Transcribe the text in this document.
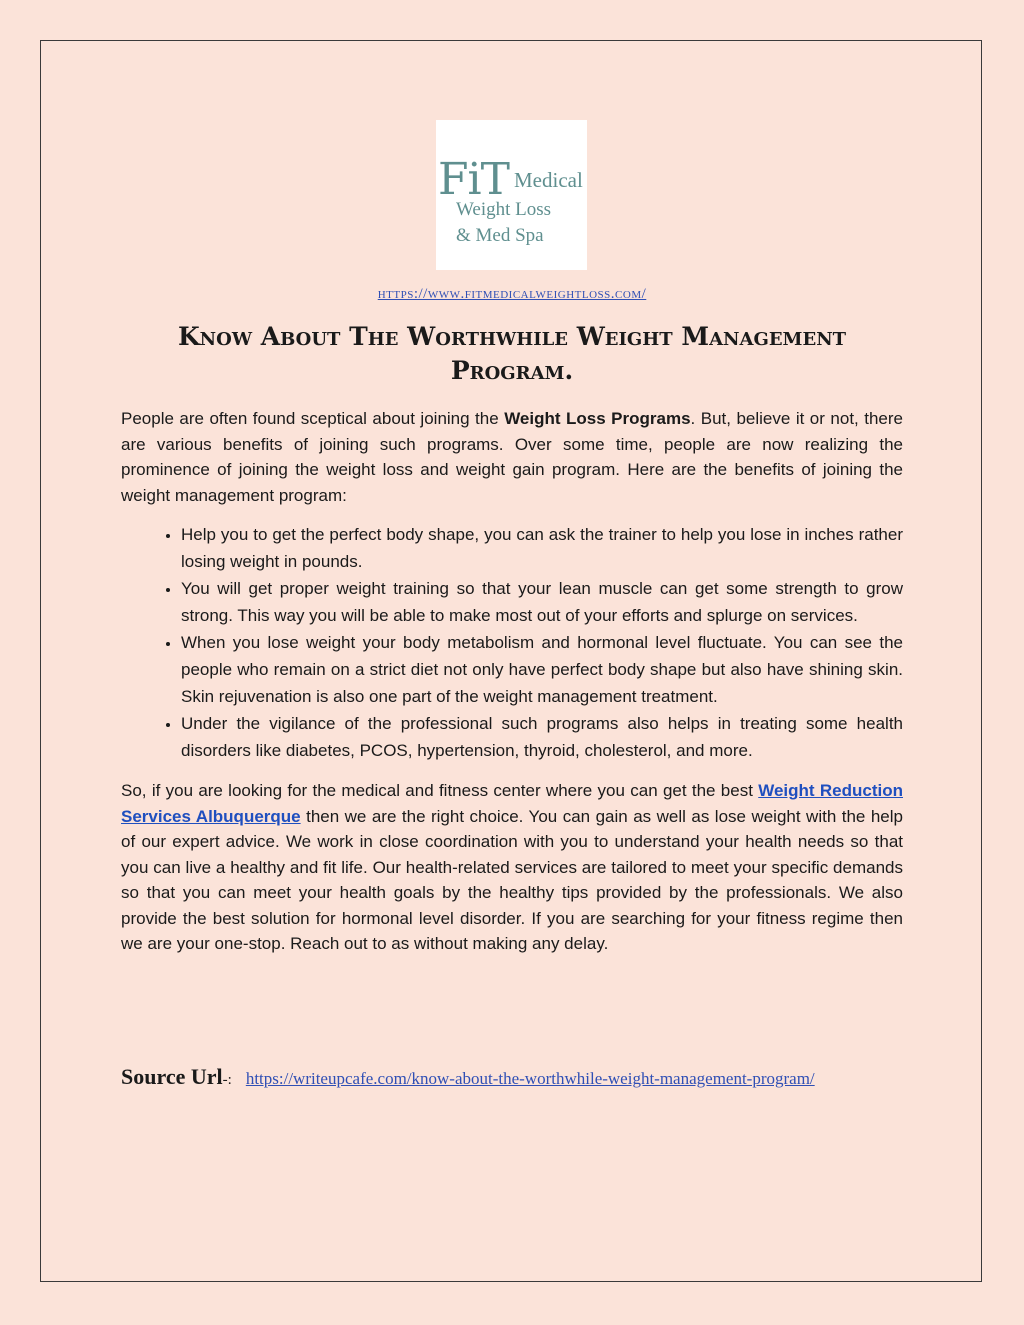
FiT Medical
Weight Loss
& Med Spa
https://www.fitmedicalweightloss.com/
Know About The Worthwhile Weight Management Program.

People are often found sceptical about joining the Weight Loss Programs. But, believe it or not, there are various benefits of joining such programs. Over some time, people are now realizing the prominence of joining the weight loss and weight gain program. Here are the benefits of joining the weight management program:

• Help you to get the perfect body shape, you can ask the trainer to help you lose in inches rather losing weight in pounds.
• You will get proper weight training so that your lean muscle can get some strength to grow strong. This way you will be able to make most out of your efforts and splurge on services.
• When you lose weight your body metabolism and hormonal level fluctuate. You can see the people who remain on a strict diet not only have perfect body shape but also have shining skin. Skin rejuvenation is also one part of the weight management treatment.
• Under the vigilance of the professional such programs also helps in treating some health disorders like diabetes, PCOS, hypertension, thyroid, cholesterol, and more.

So, if you are looking for the medical and fitness center where you can get the best Weight Reduction Services Albuquerque then we are the right choice. You can gain as well as lose weight with the help of our expert advice. We work in close coordination with you to understand your health needs so that you can live a healthy and fit life. Our health-related services are tailored to meet your specific demands so that you can meet your health goals by the healthy tips provided by the professionals. We also provide the best solution for hormonal level disorder. If you are searching for your fitness regime then we are your one-stop. Reach out to as without making any delay.

Source Url-: https://writeupcafe.com/know-about-the-worthwhile-weight-management-program/
